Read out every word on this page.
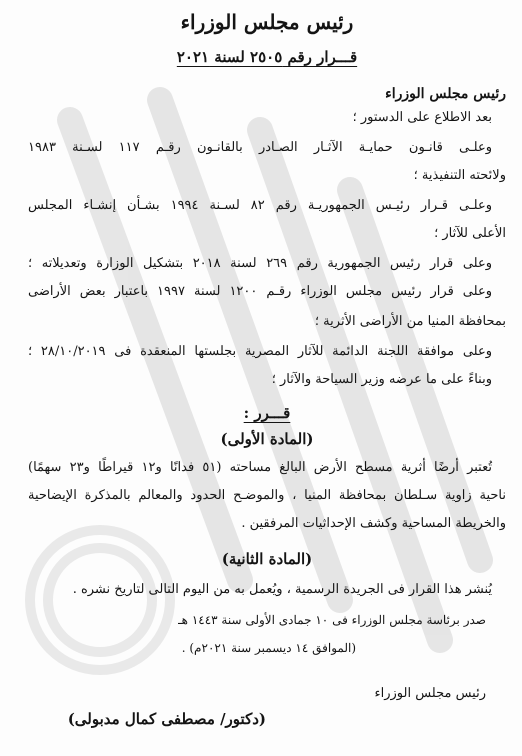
رئيس مجلس الوزراء
قـــرار رقم ٢٥٠٥ لسنة ٢٠٢١
رئيس مجلس الوزراء
بعد الاطلاع على الدستور ؛
وعلـى قانـون حمايـة الآثـار الصـادر بالقانـون رقـم ١١٧ لسـنة ١٩٨٣
ولائحته التنفيذية ؛
وعلـى قـرار رئيـس الجمهوريـة رقم ٨٢ لسـنة ١٩٩٤ بشـأن إنشـاء المجلس
الأعلى للآثار ؛
وعلى قرار رئيس الجمهورية رقم ٢٦٩ لسنة ٢٠١٨ بتشكيل الوزارة وتعديلاته ؛
وعلى قرار رئيس مجلس الوزراء رقـم ١٢٠٠ لسنة ١٩٩٧ باعتبار بعض الأراضى
بمحافظة المنيا من الأراضى الأثرية ؛
وعلى موافقة اللجنة الدائمة للآثار المصرية بجلستها المنعقدة فى ٢٨/١٠/٢٠١٩ ؛
وبناءً على ما عرضه وزير السياحة والآثار ؛
قـــرر :
(المادة الأولى)
تُعتبر أرضًا أثرية مسطح الأرض البالغ مساحته (٥١ فدانًا و١٢ قيراطًا و٢٣ سهمًا)
ناحية زاوية سـلطان بمحافظة المنيا ، والموضـح الحدود والمعالم بالمذكرة الإيضاحية
والخريطة المساحية وكشف الإحداثيات المرفقين .
(المادة الثانية)
يُنشر هذا القرار فى الجريدة الرسمية ، ويُعمل به من اليوم التالى لتاريخ نشره .
صدر برئاسة مجلس الوزراء فى ١٠ جمادى الأولى سنة ١٤٤٣ هـ
(الموافق ١٤ ديسمبر سنة ٢٠٢١م) .
رئيس مجلس الوزراء
(دكتور/ مصطفى كمال مدبولى)
